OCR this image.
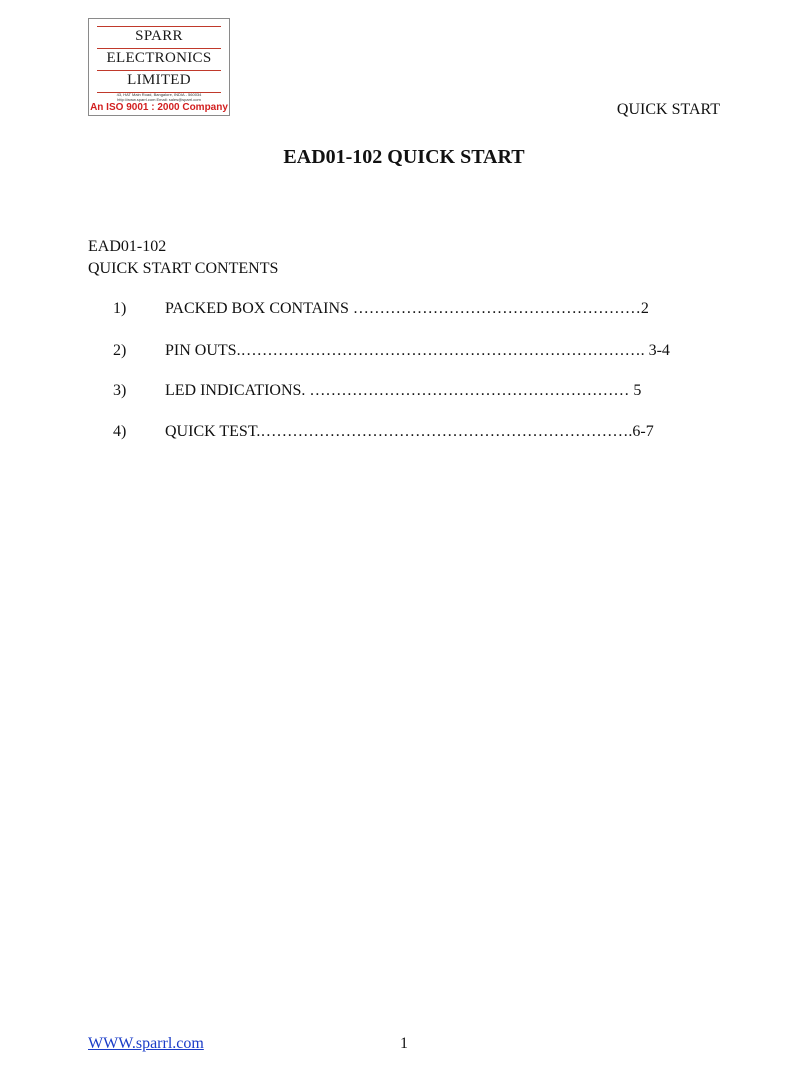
SPARR
ELECTRONICS
LIMITED
43, HAT Main Road, Bangalore, INDIA - 560034
http://www.sparrl.com Email: sales@sparrl.com
An ISO 9001 : 2000 Company	QUICK START
EAD01-102 QUICK START
EAD01-102
QUICK START CONTENTS
1) PACKED BOX CONTAINS ………………………………………………2
2) PIN OUTS.…………………………………………………………………. 3-4
3) LED INDICATIONS. …………………………………………………… 5
4) QUICK TEST.…………………………………………………………….6-7
WWW.sparrl.com	1
